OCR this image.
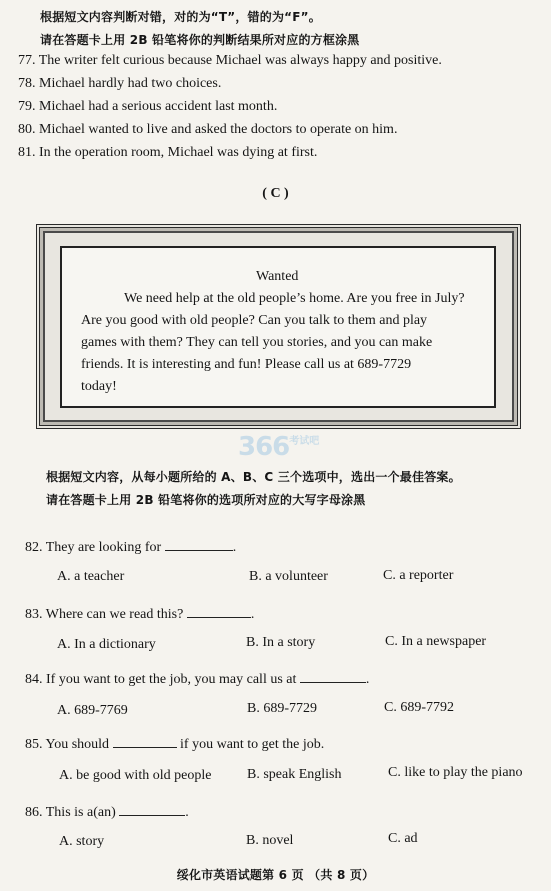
根据短文内容判断对错，对的为“T”，错的为“F”。
请在答题卡上用 2B 铅笔将你的判断结果所对应的方框涂黑
77. The writer felt curious because Michael was always happy and positive.
78. Michael hardly had two choices.
79. Michael had a serious accident last month.
80. Michael wanted to live and asked the doctors to operate on him.
81. In the operation room, Michael was dying at first.
( C )
Wanted
We need help at the old people’s home. Are you free in July?
Are you good with old people? Can you talk to them and play
games with them? They can tell you stories, and you can make
friends. It is interesting and fun! Please call us at 689-7729
today!
$366^{考试吧}$
根据短文内容，从每小题所给的 A、B、C 三个选项中，选出一个最佳答案。
请在答题卡上用 2B 铅笔将你的选项所对应的大写字母涂黑
82. They are looking for	.
A. a teacher	B. a volunteer	C. a reporter
83. Where can we read this?	.
A. In a dictionary	B. In a story	C. In a newspaper
84. If you want to get the job, you may call us at	.
A. 689-7769	B. 689-7729	C. 689-7792
85. You should	if you want to get the job.
A. be good with old people	B. speak English	C. like to play the piano
86. This is a(an)	.
A. story	B. novel	C. ad
绥化市英语试题第 6 页 （共 8 页）
